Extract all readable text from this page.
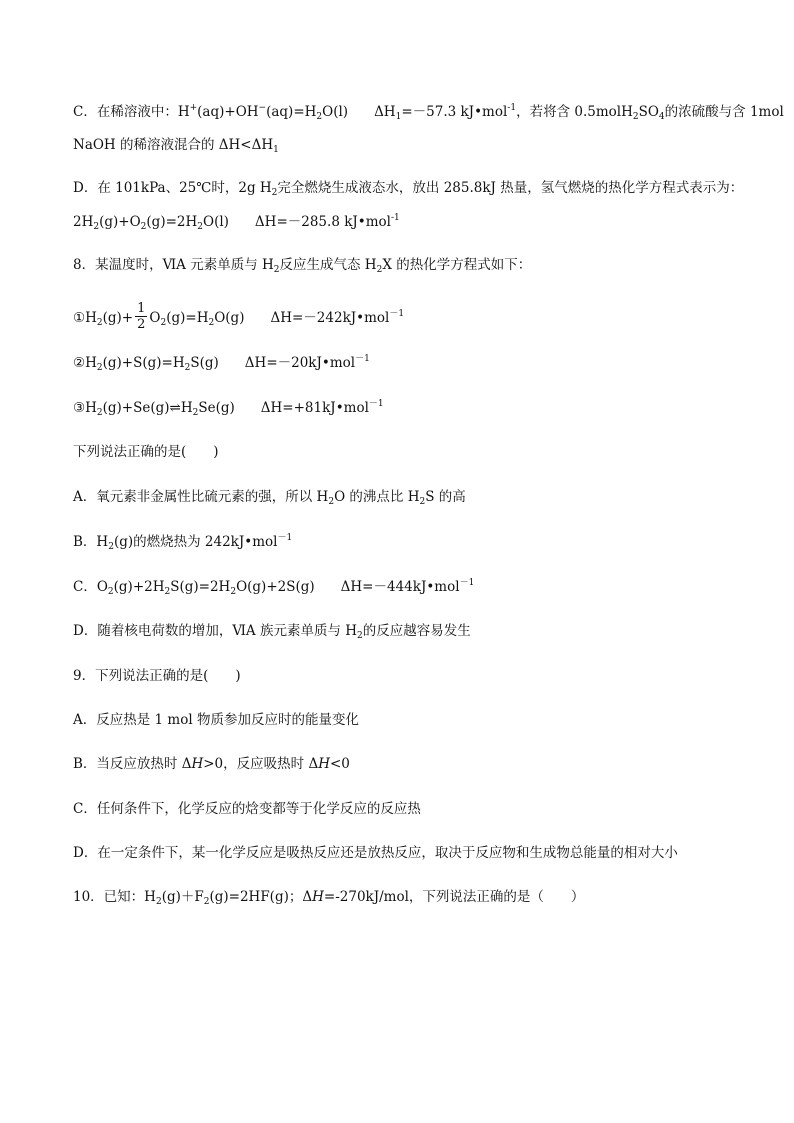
C．在稀溶液中：$H^+(aq)+OH^-(aq)=H_2O(l)$ $\Delta H_1=-57.3$ kJ•mol$^{-1}$，若将含 $0.5molH_2SO_4$的浓硫酸与含 1mol
NaOH 的稀溶液混合的 $\Delta H<\Delta H_1$
D．在 101kPa、25℃时，2g $H_2$完全燃烧生成液态水，放出 285.8kJ 热量，氢气燃烧的热化学方程式表示为：
$2H_2(g)+O_2(g)=2H_2O(l)$ ΔH=－285.8 kJ•mol$^{-1}$
8．某温度时，ⅥA 元素单质与 $H_2$反应生成气态 $H_2X$ 的热化学方程式如下：
$①H_2(g)+ \frac{1}{2} O_2(g)=H_2O(g)$ ΔH=－242kJ•mol$^{-1}$
$②H_2(g)+S(g)=H_2S(g)$ ΔH=－20kJ•mol$^{-1}$
$③H_2(g)+Se(g)\rightleftharpoons H_2Se(g)$ ΔH=+81kJ•mol$^{-1}$
下列说法正确的是(　　)
A．氧元素非金属性比硫元素的强，所以 $H_2O$ 的沸点比 $H_2S$ 的高
B．$H_2(g)$的燃烧热为 242kJ•mol$^{-1}$
C．$O_2(g)+2H_2S(g)=2H_2O(g)+2S(g)$ ΔH=－444kJ•mol$^{-1}$
D．随着核电荷数的增加，ⅥA 族元素单质与 $H_2$的反应越容易发生
9．下列说法正确的是(　　)
A．反应热是 1 mol 物质参加反应时的能量变化
B．当反应放热时 ΔH>0，反应吸热时 ΔH<0
C．任何条件下，化学反应的焓变都等于化学反应的反应热
D．在一定条件下，某一化学反应是吸热反应还是放热反应，取决于反应物和生成物总能量的相对大小
10．已知：$H_2(g)+F_2(g)=2HF(g)$；ΔH=-270kJ/mol，下列说法正确的是（　　）
